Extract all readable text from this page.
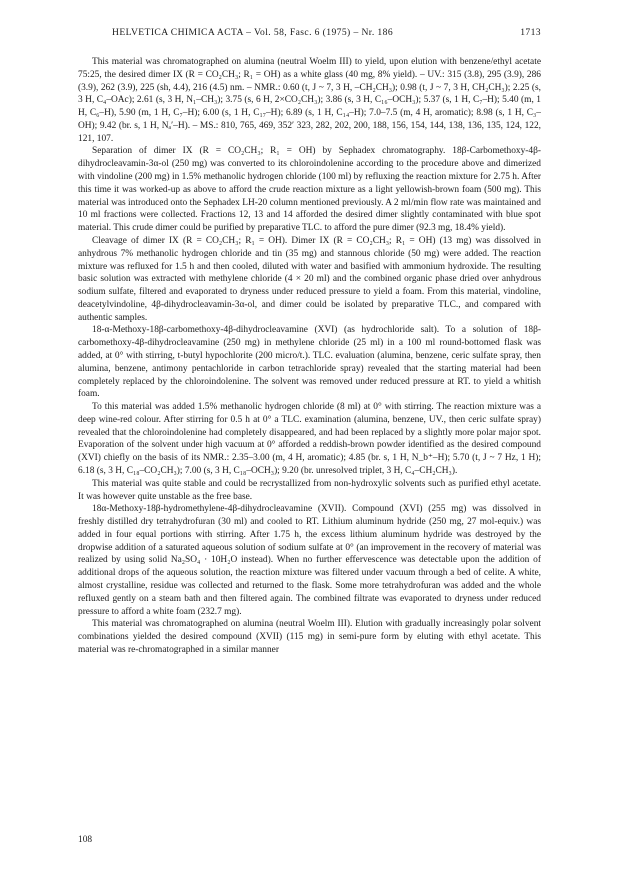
HELVETICA CHIMICA ACTA – Vol. 58, Fasc. 6 (1975) – Nr. 186	1713

This material was chromatographed on alumina (neutral Woelm III) to yield, upon elution with benzene/ethyl acetate 75:25, the desired dimer IX (R = CO₂CH₃; R₁ = OH) as a white glass (40 mg, 8% yield). – UV.: 315 (3.8), 295 (3.9), 286 (3.9), 262 (3.9), 225 (sh, 4.4), 216 (4.5) nm. – NMR.: 0.60 (t, J ~ 7, 3 H, –CH₂CH₃); 0.98 (t, J ~ 7, 3 H, CH₂CH₃); 2.25 (s, 3 H, C₄–OAc); 2.61 (s, 3 H, N₁–CH₃); 3.75 (s, 6 H, 2×CO₂CH₃); 3.86 (s, 3 H, C₁₆–OCH₃); 5.37 (s, 1 H, C₇–H); 5.40 (m, 1 H, C₆–H), 5.90 (m, 1 H, C₇–H); 6.00 (s, 1 H, C₁₇–H); 6.89 (s, 1 H, C₁₄–H); 7.0–7.5 (m, 4 H, aromatic); 8.98 (s, 1 H, C₃–OH); 9.42 (br. s, 1 H, Nₐ′–H). – MS.: 810, 765, 469, 352′ 323, 282, 202, 200, 188, 156, 154, 144, 138, 136, 135, 124, 122, 121, 107.

Separation of dimer IX (R = CO₂CH₃; R₁ = OH) by Sephadex chromatography. 18β-Carbomethoxy-4β-dihydrocleavamin-3α-ol (250 mg) was converted to its chloroindolenine according to the procedure above and dimerized with vindoline (200 mg) in 1.5% methanolic hydrogen chloride (100 ml) by refluxing the reaction mixture for 2.75 h. After this time it was worked-up as above to afford the crude reaction mixture as a light yellowish-brown foam (500 mg). This material was introduced onto the Sephadex LH-20 column mentioned previously. A 2 ml/min flow rate was maintained and 10 ml fractions were collected. Fractions 12, 13 and 14 afforded the desired dimer slightly contaminated with blue spot material. This crude dimer could be purified by preparative TLC. to afford the pure dimer (92.3 mg, 18.4% yield).

Cleavage of dimer IX (R = CO₂CH₃; R₁ = OH). Dimer IX (R = CO₂CH₃; R₁ = OH) (13 mg) was dissolved in anhydrous 7% methanolic hydrogen chloride and tin (35 mg) and stannous chloride (50 mg) were added. The reaction mixture was refluxed for 1.5 h and then cooled, diluted with water and basified with ammonium hydroxide. The resulting basic solution was extracted with methylene chloride (4 × 20 ml) and the combined organic phase dried over anhydrous sodium sulfate, filtered and evaporated to dryness under reduced pressure to yield a foam. From this material, vindoline, deacetylvindoline, 4β-dihydrocleavamin-3α-ol, and dimer could be isolated by preparative TLC., and compared with authentic samples.

18-α-Methoxy-18β-carbomethoxy-4β-dihydrocleavamine (XVI) (as hydrochloride salt). To a solution of 18β-carbomethoxy-4β-dihydrocleavamine (250 mg) in methylene chloride (25 ml) in a 100 ml round-bottomed flask was added, at 0° with stirring, t-butyl hypochlorite (200 micro/t.). TLC. evaluation (alumina, benzene, ceric sulfate spray, then alumina, benzene, antimony pentachloride in carbon tetrachloride spray) revealed that the starting material had been completely replaced by the chloroindolenine. The solvent was removed under reduced pressure at RT. to yield a whitish foam.

To this material was added 1.5% methanolic hydrogen chloride (8 ml) at 0° with stirring. The reaction mixture was a deep wine-red colour. After stirring for 0.5 h at 0° a TLC. examination (alumina, benzene, UV., then ceric sulfate spray) revealed that the chloroindolenine had completely disappeared, and had been replaced by a slightly more polar major spot. Evaporation of the solvent under high vacuum at 0° afforded a reddish-brown powder identified as the desired compound (XVI) chiefly on the basis of its NMR.: 2.35–3.00 (m, 4 H, aromatic); 4.85 (br. s, 1 H, N_b⁺–H); 5.70 (t, J ~ 7 Hz, 1 H); 6.18 (s, 3 H, C₁₈–CO₂CH₃); 7.00 (s, 3 H, C₁₈–OCH₃); 9.20 (br. unresolved triplet, 3 H, C₄–CH₂CH₃).

This material was quite stable and could be recrystallized from non-hydroxylic solvents such as purified ethyl acetate. It was however quite unstable as the free base.

18α-Methoxy-18β-hydromethylene-4β-dihydrocleavamine (XVII). Compound (XVI) (255 mg) was dissolved in freshly distilled dry tetrahydrofuran (30 ml) and cooled to RT. Lithium aluminum hydride (250 mg, 27 mol-equiv.) was added in four equal portions with stirring. After 1.75 h, the excess lithium aluminum hydride was destroyed by the dropwise addition of a saturated aqueous solution of sodium sulfate at 0° (an improvement in the recovery of material was realized by using solid Na₂SO₄ · 10H₂O instead). When no further effervescence was detectable upon the addition of additional drops of the aqueous solution, the reaction mixture was filtered under vacuum through a bed of celite. A white, almost crystalline, residue was collected and returned to the flask. Some more tetrahydrofuran was added and the whole refluxed gently on a steam bath and then filtered again. The combined filtrate was evaporated to dryness under reduced pressure to afford a white foam (232.7 mg).

This material was chromatographed on alumina (neutral Woelm III). Elution with gradually increasingly polar solvent combinations yielded the desired compound (XVII) (115 mg) in semi-pure form by eluting with ethyl acetate. This material was re-chromatographed in a similar manner

108
